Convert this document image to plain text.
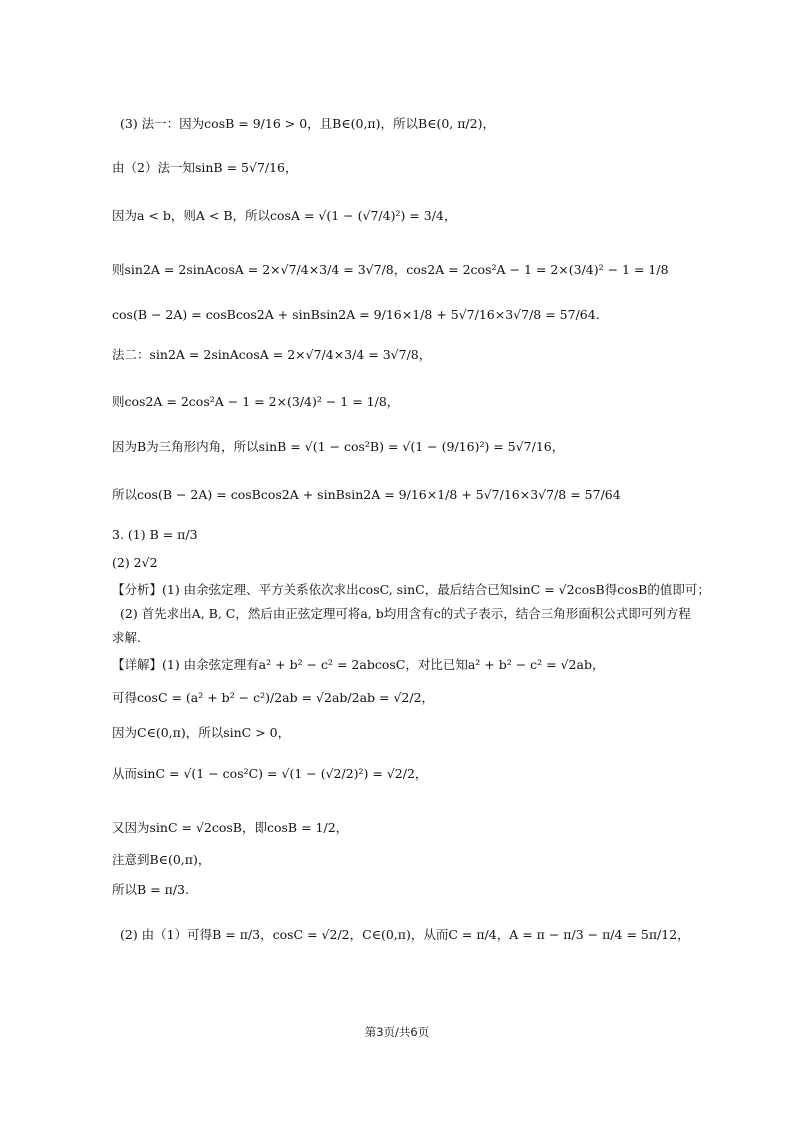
(3) 法一：因为cosB = 9/16 > 0，且B∈(0,π)，所以B∈(0, π/2)，
由（2）法一知sinB = 5√7/16，
因为a < b，则A < B，所以cosA = √(1 − (√7/4)²) = 3/4，
则sin2A = 2sinAcosA = 2×√7/4×3/4 = 3√7/8，cos2A = 2cos²A − 1 = 2×(3/4)² − 1 = 1/8
cos(B − 2A) = cosBcos2A + sinBsin2A = 9/16×1/8 + 5√7/16×3√7/8 = 57/64.
法二：sin2A = 2sinAcosA = 2×√7/4×3/4 = 3√7/8，
则cos2A = 2cos²A − 1 = 2×(3/4)² − 1 = 1/8，
因为B为三角形内角，所以sinB = √(1 − cos²B) = √(1 − (9/16)²) = 5√7/16，
所以cos(B − 2A) = cosBcos2A + sinBsin2A = 9/16×1/8 + 5√7/16×3√7/8 = 57/64
3. (1) B = π/3
(2) 2√2
【分析】(1) 由余弦定理、平方关系依次求出cosC, sinC，最后结合已知sinC = √2cosB得cosB的值即可；
(2) 首先求出A, B, C，然后由正弦定理可将a, b均用含有c的式子表示，结合三角形面积公式即可列方程
求解.
【详解】(1) 由余弦定理有a² + b² − c² = 2abcosC，对比已知a² + b² − c² = √2ab，
可得cosC = (a² + b² − c²)/2ab = √2ab/2ab = √2/2，
因为C∈(0,π)，所以sinC > 0，
从而sinC = √(1 − cos²C) = √(1 − (√2/2)²) = √2/2，
又因为sinC = √2cosB，即cosB = 1/2，
注意到B∈(0,π)，
所以B = π/3.
(2) 由（1）可得B = π/3，cosC = √2/2，C∈(0,π)，从而C = π/4，A = π − π/3 − π/4 = 5π/12，
第3页/共6页
